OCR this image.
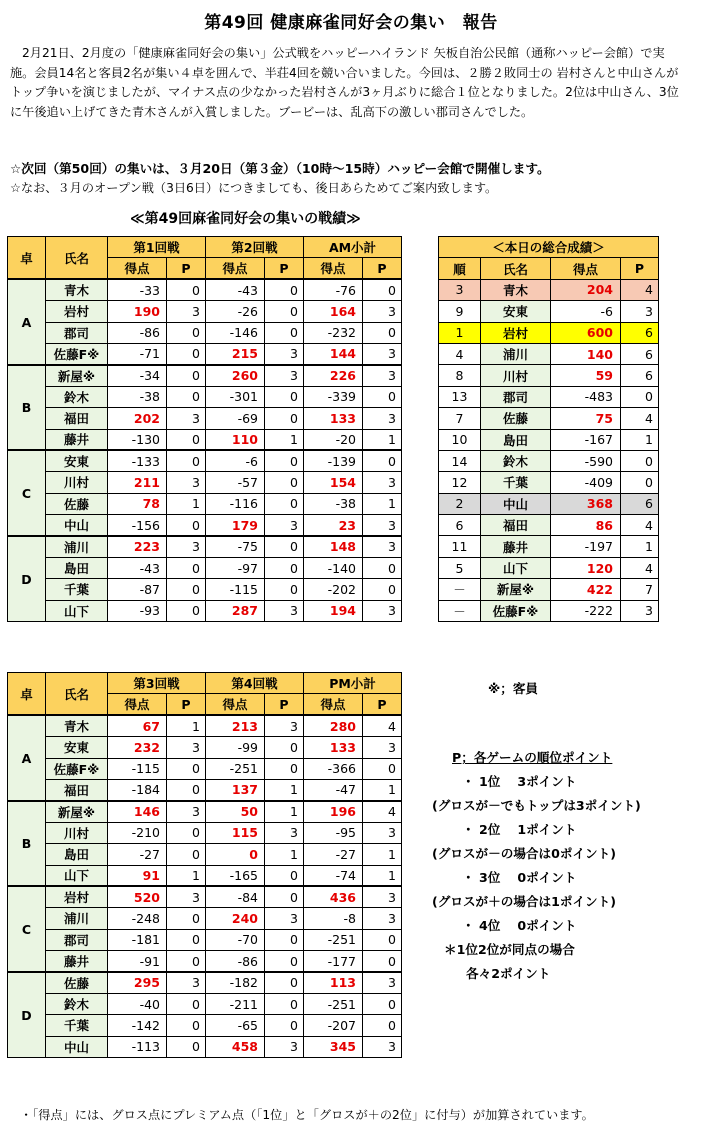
第49回 健康麻雀同好会の集い　報告
2月21日、2月度の「健康麻雀同好会の集い」公式戦をハッピーハイランド 矢板自治公民館（通称ハッピー会館）で実施。会員14名と客員2名が集い４卓を囲んで、半荘4回を競い合いました。今回は、２勝２敗同士の 岩村さんと中山さんがトップ争いを演じましたが、マイナス点の少なかった岩村さんが3ヶ月ぶりに総合１位となりました。2位は中山さん、3位に午後追い上げてきた青木さんが入賞しました。ブービーは、乱高下の激しい郡司さんでした。
☆次回（第50回）の集いは、３月20日（第３金）（10時～15時）ハッピー会館で開催します。
☆なお、３月のオープン戦（3日6日）につきましても、後日あらためてご案内致します。
≪第49回麻雀同好会の集いの戦績≫
卓	氏名	第1回戦		第2回戦		AM小計	
		得点	P	得点	P	得点	P
A	青木	-33	0	-43	0	-76	0
	岩村	190	3	-26	0	164	3
	郡司	-86	0	-146	0	-232	0
	佐藤F※	-71	0	215	3	144	3
B	新屋※	-34	0	260	3	226	3
	鈴木	-38	0	-301	0	-339	0
	福田	202	3	-69	0	133	3
	藤井	-130	0	110	1	-20	1
C	安東	-133	0	-6	0	-139	0
	川村	211	3	-57	0	154	3
	佐藤	78	1	-116	0	-38	1
	中山	-156	0	179	3	23	3
D	浦川	223	3	-75	0	148	3
	島田	-43	0	-97	0	-140	0
	千葉	-87	0	-115	0	-202	0
	山下	-93	0	287	3	194	3
卓	氏名	第3回戦		第4回戦		PM小計	
		得点	P	得点	P	得点	P
A	青木	67	1	213	3	280	4
	安東	232	3	-99	0	133	3
	佐藤F※	-115	0	-251	0	-366	0
	福田	-184	0	137	1	-47	1
B	新屋※	146	3	50	1	196	4
	川村	-210	0	115	3	-95	3
	島田	-27	0	0	1	-27	1
	山下	91	1	-165	0	-74	1
C	岩村	520	3	-84	0	436	3
	浦川	-248	0	240	3	-8	3
	郡司	-181	0	-70	0	-251	0
	藤井	-91	0	-86	0	-177	0
D	佐藤	295	3	-182	0	113	3
	鈴木	-40	0	-211	0	-251	0
	千葉	-142	0	-65	0	-207	0
	中山	-113	0	458	3	345	3
＜本日の総合成績＞			
順	氏名	得点	P
3	青木	204	4
9	安東	-6	3
1	岩村	600	6
4	浦川	140	6
8	川村	59	6
13	郡司	-483	0
7	佐藤	75	4
10	島田	-167	1
14	鈴木	-590	0
12	千葉	-409	0
2	中山	368	6
6	福田	86	4
11	藤井	-197	1
5	山下	120	4
－	新屋※	422	7
－	佐藤F※	-222	3
※；客員
P；各ゲームの順位ポイント
・ 1位　 3ポイント
(グロスが－でもトップは3ポイント)
・ 2位　 1ポイント
(グロスが－の場合は0ポイント)
・ 3位　 0ポイント
(グロスが＋の場合は1ポイント)
・ 4位　 0ポイント
＊1位2位が同点の場合
各々2ポイント
・「得点」には、グロス点にプレミアム点（「1位」と「グロスが＋の2位」に付与）が加算されています。
